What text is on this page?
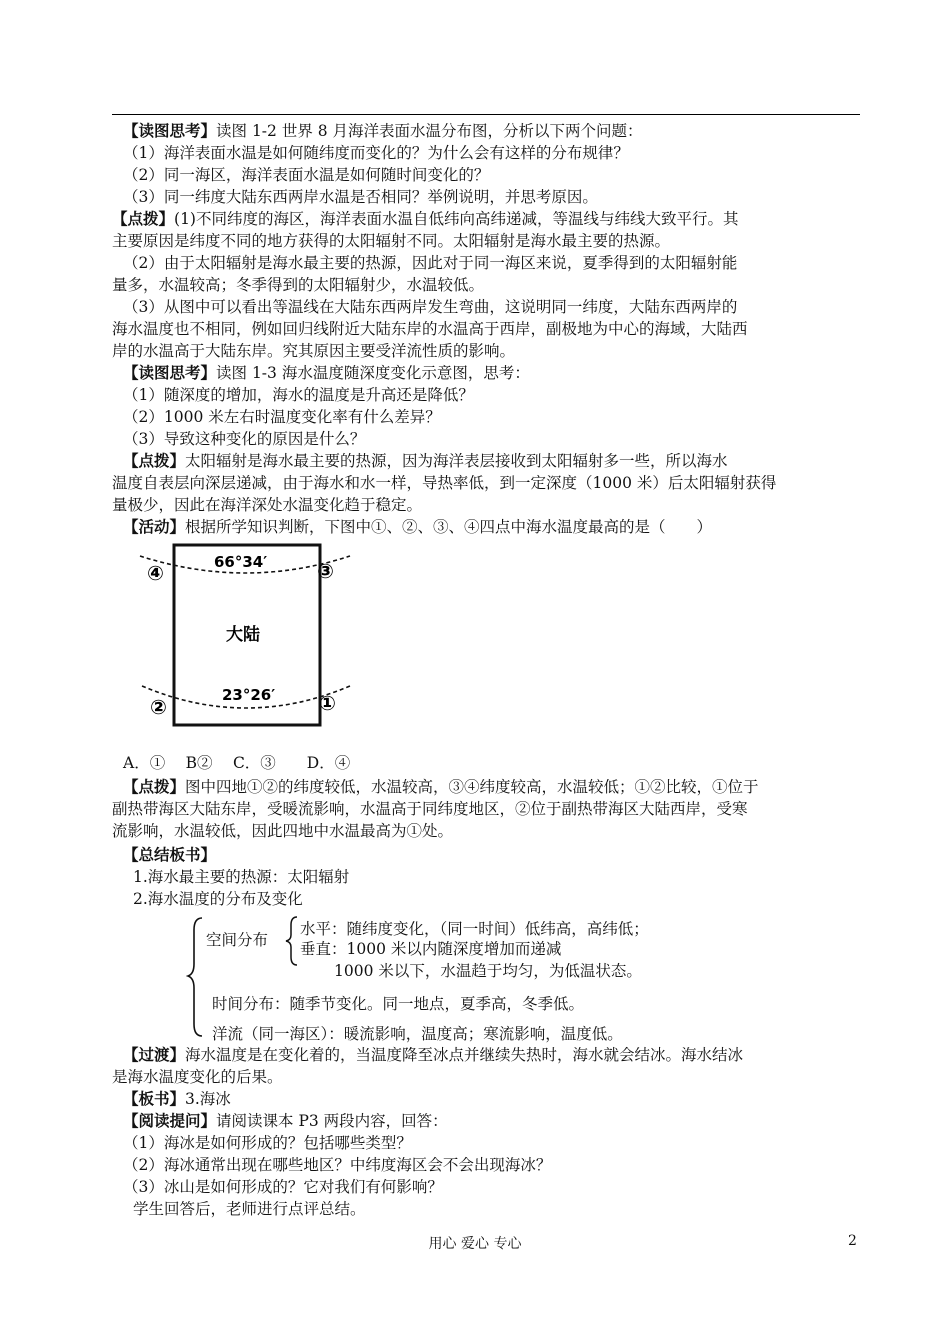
【读图思考】读图 1-2 世界 8 月海洋表面水温分布图，分析以下两个问题：
（1）海洋表面水温是如何随纬度而变化的？为什么会有这样的分布规律？
（2）同一海区，海洋表面水温是如何随时间变化的？
（3）同一纬度大陆东西两岸水温是否相同？举例说明，并思考原因。
【点拨】(1)不同纬度的海区，海洋表面水温自低纬向高纬递减，等温线与纬线大致平行。其
主要原因是纬度不同的地方获得的太阳辐射不同。太阳辐射是海水最主要的热源。
（2）由于太阳辐射是海水最主要的热源，因此对于同一海区来说，夏季得到的太阳辐射能
量多，水温较高；冬季得到的太阳辐射少，水温较低。
（3）从图中可以看出等温线在大陆东西两岸发生弯曲，这说明同一纬度，大陆东西两岸的
海水温度也不相同，例如回归线附近大陆东岸的水温高于西岸，副极地为中心的海域，大陆西
岸的水温高于大陆东岸。究其原因主要受洋流性质的影响。
【读图思考】读图 1-3 海水温度随深度变化示意图，思考：
（1）随深度的增加，海水的温度是升高还是降低？
（2）1000 米左右时温度变化率有什么差异？
（3）导致这种变化的原因是什么？
【点拨】太阳辐射是海水最主要的热源，因为海洋表层接收到太阳辐射多一些，所以海水
温度自表层向深层递减，由于海水和水一样，导热率低，到一定深度（1000 米）后太阳辐射获得
量极少，因此在海洋深处水温变化趋于稳定。
【活动】根据所学知识判断，下图中①、②、③、④四点中海水温度最高的是（　　）
A．①　 B②　 C．③　　D．④
【点拨】图中四地①②的纬度较低，水温较高，③④纬度较高，水温较低；①②比较，①位于
副热带海区大陆东岸，受暖流影响，水温高于同纬度地区，②位于副热带海区大陆西岸，受寒
流影响，水温较低，因此四地中水温最高为①处。
【总结板书】
1.海水最主要的热源：太阳辐射
2.海水温度的分布及变化
水平：随纬度变化，（同一时间）低纬高，高纬低；
空间分布 垂直：1000 米以内随深度增加而递减
1000 米以下，水温趋于均匀，为低温状态。
时间分布：随季节变化。同一地点，夏季高，冬季低。
洋流（同一海区）：暖流影响，温度高；寒流影响，温度低。
【过渡】海水温度是在变化着的，当温度降至冰点并继续失热时，海水就会结冰。海水结冰
是海水温度变化的后果。
【板书】3.海冰
【阅读提问】请阅读课本 P3 两段内容，回答：
（1）海冰是如何形成的？包括哪些类型？
（2）海冰通常出现在哪些地区？中纬度海区会不会出现海冰？
（3）冰山是如何形成的？它对我们有何影响？
学生回答后，老师进行点评总结。
66°34′
大陆
23°26′
④	③
②	①
用心 爱心 专心	2
